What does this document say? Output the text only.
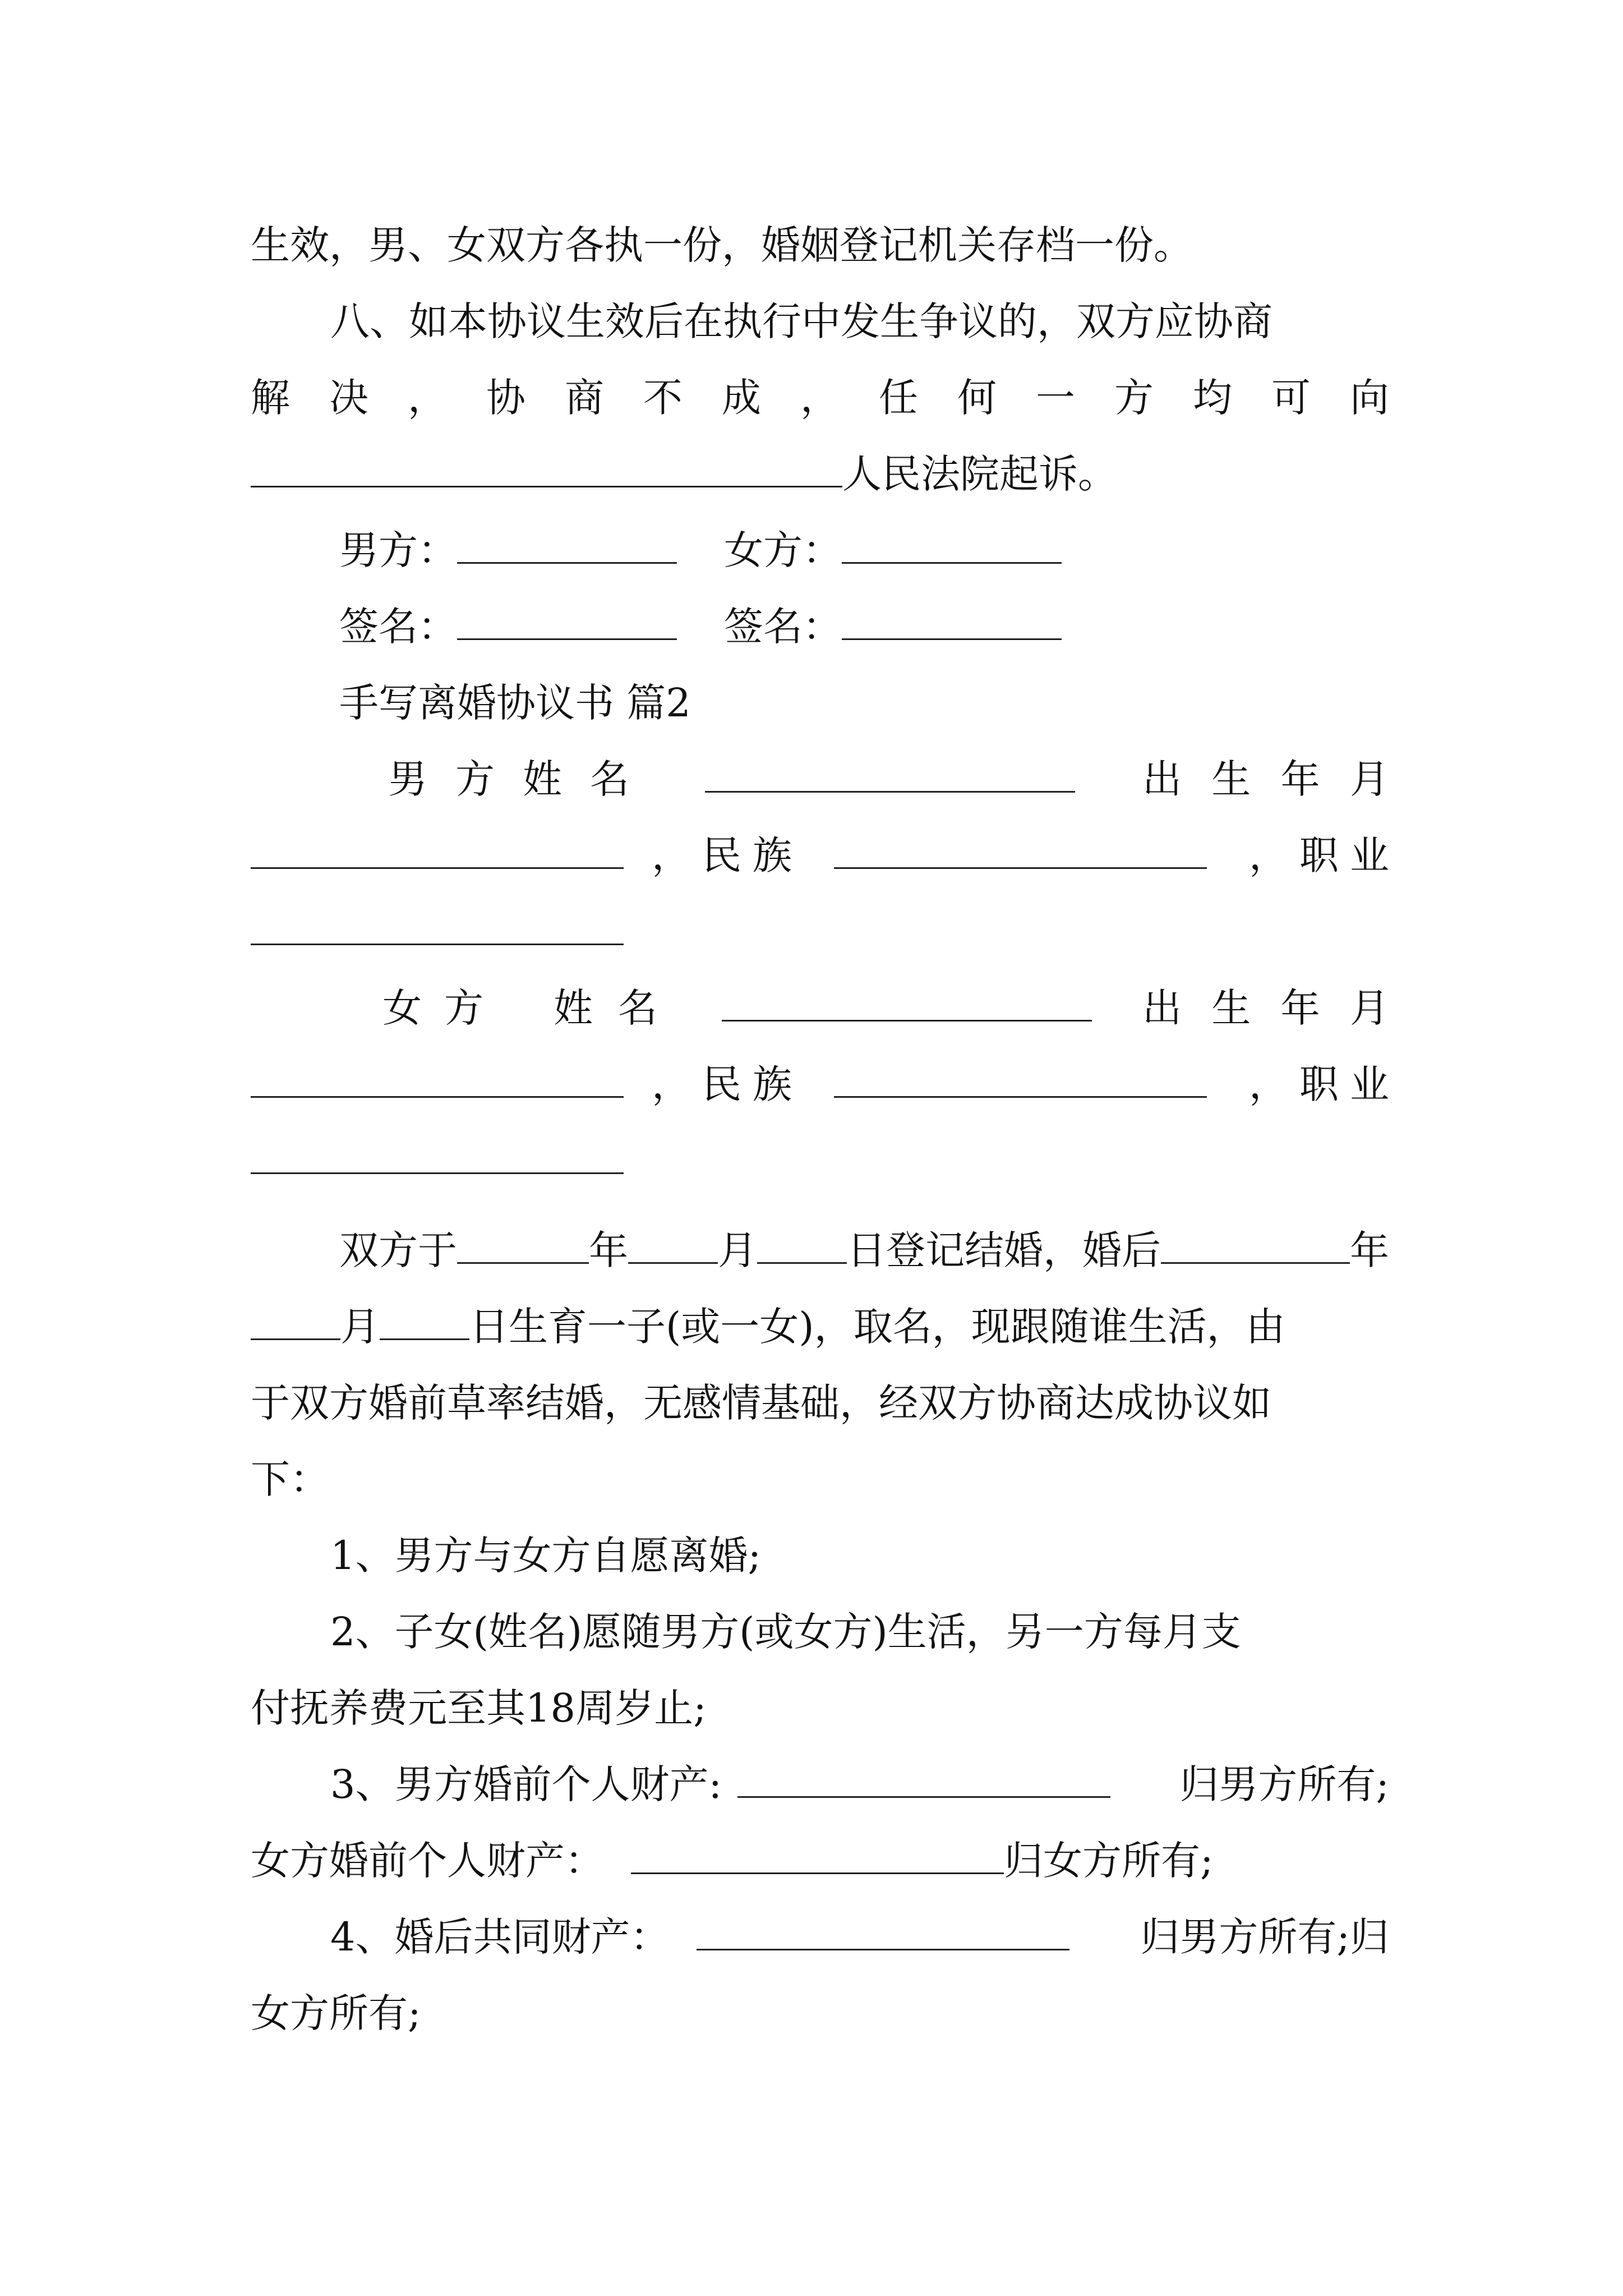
生效，男、女双方各执一份，婚姻登记机关存档一份。
八、如本协议生效后在执行中发生争议的，双方应协商
解 决 ， 协 商 不 成 ， 任 何 一 方 均 可 向
人民法院起诉。
男方：	女方：
签名：	签名：
手写离婚协议书 篇2
男 方 姓 名	出 生 年 月
， 民 族	， 职 业
女 方 姓 名	出 生 年 月
， 民 族	， 职 业
双方于	年 月 日登记结婚，婚后	年
月 日生育一子(或一女)，取名，现跟随谁生活，由
于双方婚前草率结婚，无感情基础，经双方协商达成协议如
下：
1、男方与女方自愿离婚;
2、子女(姓名)愿随男方(或女方)生活，另一方每月支
付抚养费元至其18周岁止;
3、男方婚前个人财产:	归男方所有;
女方婚前个人财产：	归女方所有;
4、婚后共同财产：	归男方所有;归
女方所有;
